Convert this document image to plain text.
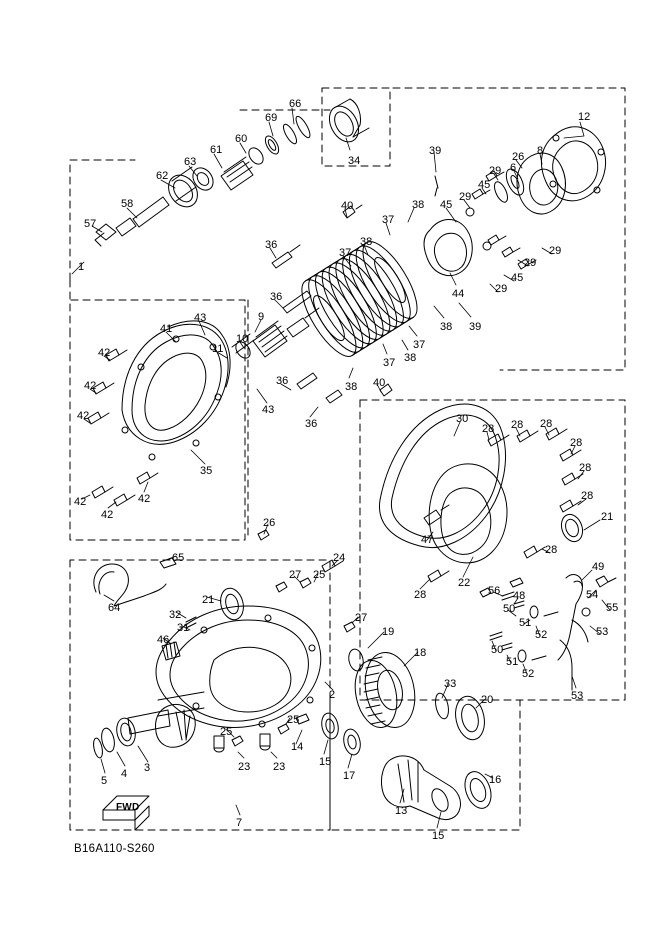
FWD
B16A110-S260
66
69
60
61
63
62
58
57
1
34
12
39	26 8
6
29
45
29
45
29
29
45
29
44
40	38
37
38
37
36
36
36
36
9
10
11
41
43
43
38
37 38
37
38 39
40
42
42
42
42
42
42
35
30
28 28 28
28
28
28
21
28
47
22
28
49
56 48	54
50
51
52
55
50
51
52
53
53
26
65
64
24
27 25
21
32
31
46
27
19
18
2
33
20
3
4
5
25
25
23 23
14
15
17
13
15
16
7
